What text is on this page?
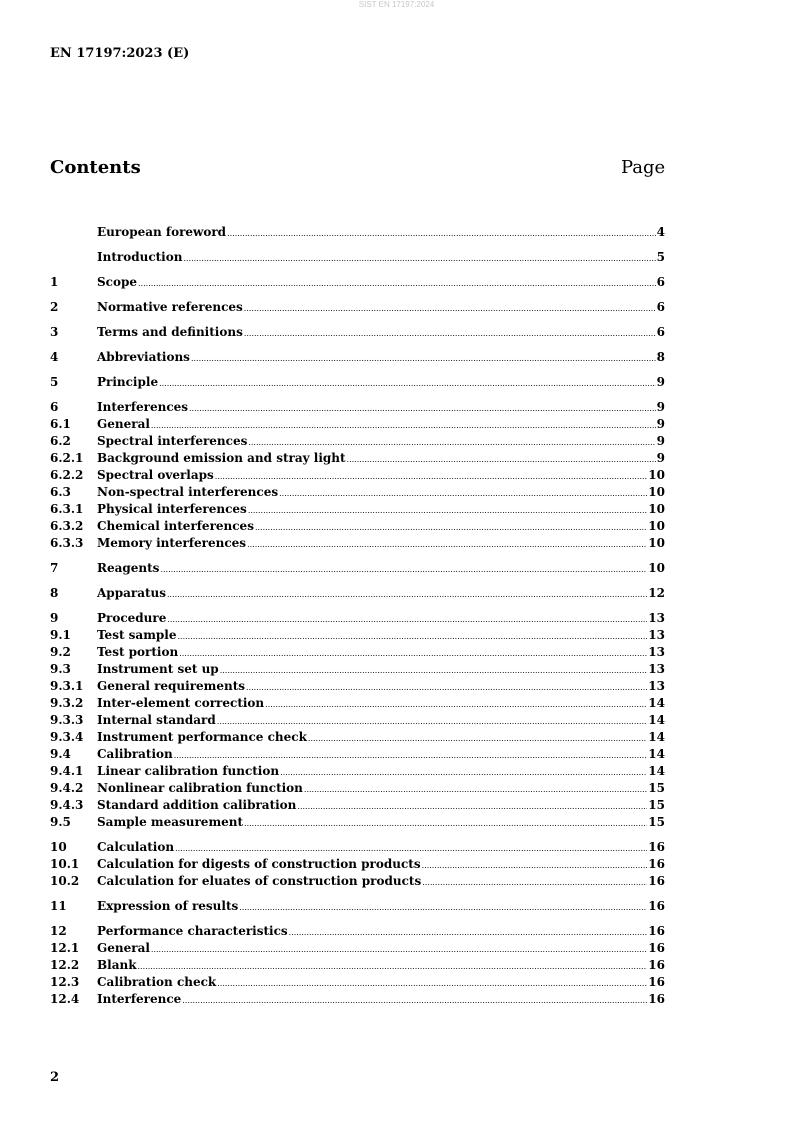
SIST EN 17197:2024
EN 17197:2023 (E)
Contents	Page
European foreword .....	4
Introduction .....	5
1	Scope .....	6
2	Normative references .....	6
3	Terms and definitions .....	6
4	Abbreviations .....	8
5	Principle .....	9
6	Interferences .....	9
6.1	General .....	9
6.2	Spectral interferences .....	9
6.2.1	Background emission and stray light .....	9
6.2.2	Spectral overlaps .....	10
6.3	Non-spectral interferences .....	10
6.3.1	Physical interferences .....	10
6.3.2	Chemical interferences .....	10
6.3.3	Memory interferences .....	10
7	Reagents .....	10
8	Apparatus .....	12
9	Procedure .....	13
9.1	Test sample .....	13
9.2	Test portion .....	13
9.3	Instrument set up .....	13
9.3.1	General requirements .....	13
9.3.2	Inter-element correction .....	14
9.3.3	Internal standard .....	14
9.3.4	Instrument performance check .....	14
9.4	Calibration .....	14
9.4.1	Linear calibration function .....	14
9.4.2	Nonlinear calibration function .....	15
9.4.3	Standard addition calibration .....	15
9.5	Sample measurement .....	15
10	Calculation .....	16
10.1	Calculation for digests of construction products .....	16
10.2	Calculation for eluates of construction products .....	16
11	Expression of results .....	16
12	Performance characteristics .....	16
12.1	General .....	16
12.2	Blank .....	16
12.3	Calibration check .....	16
12.4	Interference .....	16
2
